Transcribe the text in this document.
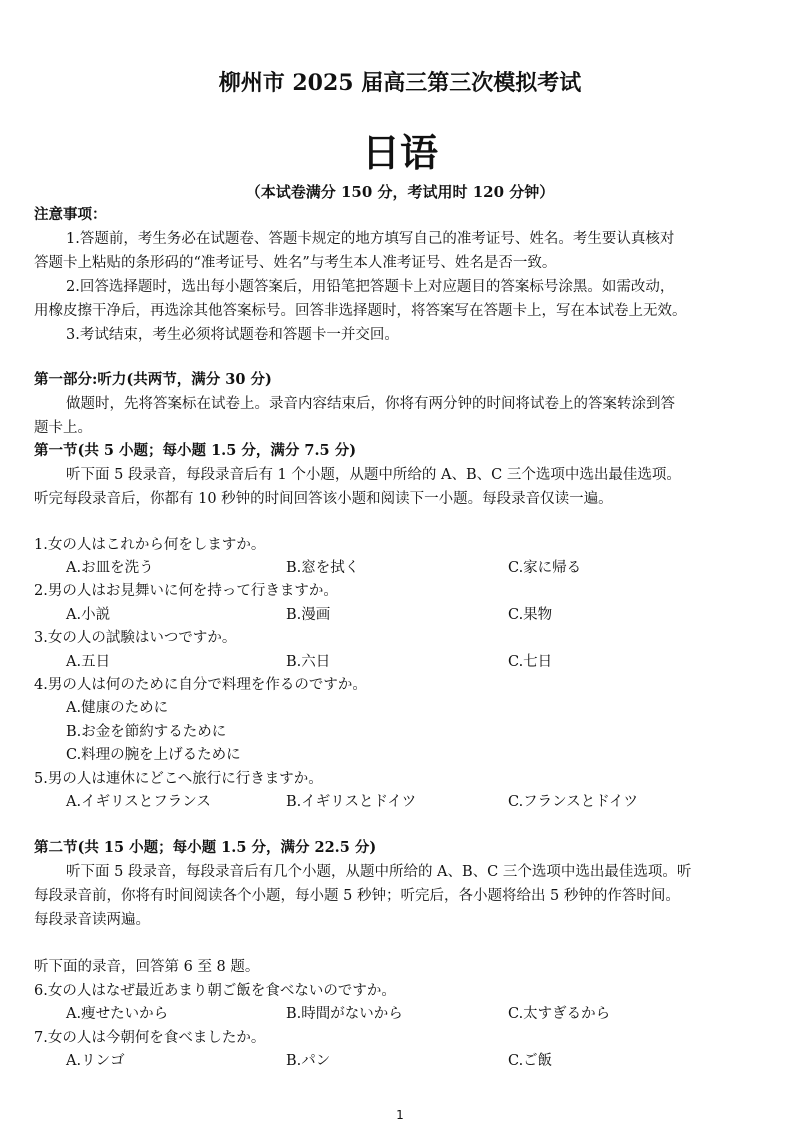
柳州市 2025 届高三第三次模拟考试
日语
（本试卷满分 150 分，考试用时 120 分钟）
注意事项：
1.答题前，考生务必在试题卷、答题卡规定的地方填写自己的准考证号、姓名。考生要认真核对
答题卡上粘贴的条形码的“准考证号、姓名”与考生本人准考证号、姓名是否一致。
2.回答选择题时，选出每小题答案后，用铅笔把答题卡上对应题目的答案标号涂黑。如需改动，
用橡皮擦干净后，再选涂其他答案标号。回答非选择题时，将答案写在答题卡上，写在本试卷上无效。
3.考试结束，考生必须将试题卷和答题卡一并交回。
第一部分:听力(共两节，满分 30 分)
做题时，先将答案标在试卷上。录音内容结束后，你将有两分钟的时间将试卷上的答案转涂到答
题卡上。
第一节(共 5 小题；每小题 1.5 分，满分 7.5 分)
听下面 5 段录音，每段录音后有 1 个小题，从题中所给的 A、B、C 三个选项中选出最佳选项。
听完每段录音后，你都有 10 秒钟的时间回答该小题和阅读下一小题。每段录音仅读一遍。
1.女の人はこれから何をしますか。
A.お皿を洗う	B.窓を拭く	C.家に帰る
2.男の人はお見舞いに何を持って行きますか。
A.小説	B.漫画	C.果物
3.女の人の試験はいつですか。
A.五日	B.六日	C.七日
4.男の人は何のために自分で料理を作るのですか。
A.健康のために
B.お金を節約するために
C.料理の腕を上げるために
5.男の人は連休にどこへ旅行に行きますか。
A.イギリスとフランス	B.イギリスとドイツ	C.フランスとドイツ
第二节(共 15 小题；每小题 1.5 分，满分 22.5 分)
听下面 5 段录音，每段录音后有几个小题，从题中所给的 A、B、C 三个选项中选出最佳选项。听
每段录音前，你将有时间阅读各个小题，每小题 5 秒钟；听完后，各小题将给出 5 秒钟的作答时间。
每段录音读两遍。
听下面的录音，回答第 6 至 8 题。
6.女の人はなぜ最近あまり朝ご飯を食べないのですか。
A.痩せたいから	B.時間がないから	C.太すぎるから
7.女の人は今朝何を食べましたか。
A.リンゴ	B.パン	C.ご飯
1
